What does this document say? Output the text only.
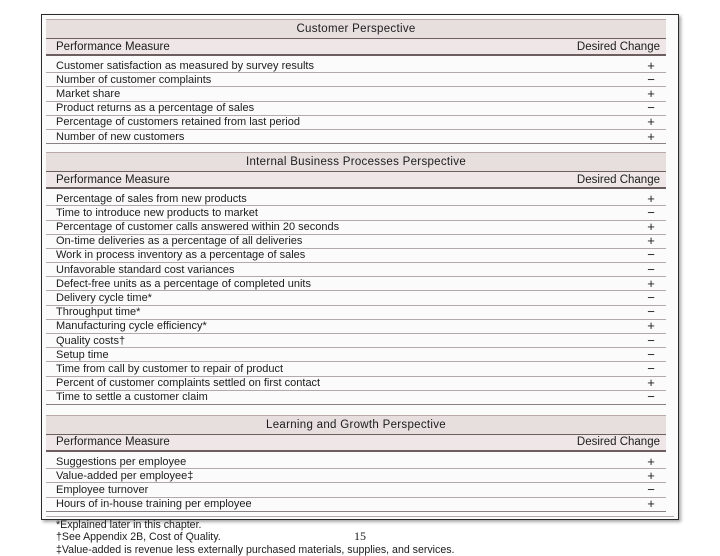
Customer Perspective
Performance Measure	Desired Change
Customer satisfaction as measured by survey results	+
Number of customer complaints	−
Market share	+
Product returns as a percentage of sales	−
Percentage of customers retained from last period	+
Number of new customers	+
Internal Business Processes Perspective
Performance Measure	Desired Change
Percentage of sales from new products	+
Time to introduce new products to market	−
Percentage of customer calls answered within 20 seconds	+
On-time deliveries as a percentage of all deliveries	+
Work in process inventory as a percentage of sales	−
Unfavorable standard cost variances	−
Defect-free units as a percentage of completed units	+
Delivery cycle time*	−
Throughput time*	−
Manufacturing cycle efficiency*	+
Quality costs†	−
Setup time	−
Time from call by customer to repair of product	−
Percent of customer complaints settled on first contact	+
Time to settle a customer claim	−
Learning and Growth Perspective
Performance Measure	Desired Change
Suggestions per employee	+
Value-added per employee‡	+
Employee turnover	−
Hours of in-house training per employee	+
*Explained later in this chapter.
†See Appendix 2B, Cost of Quality.
‡Value-added is revenue less externally purchased materials, supplies, and services.
15
